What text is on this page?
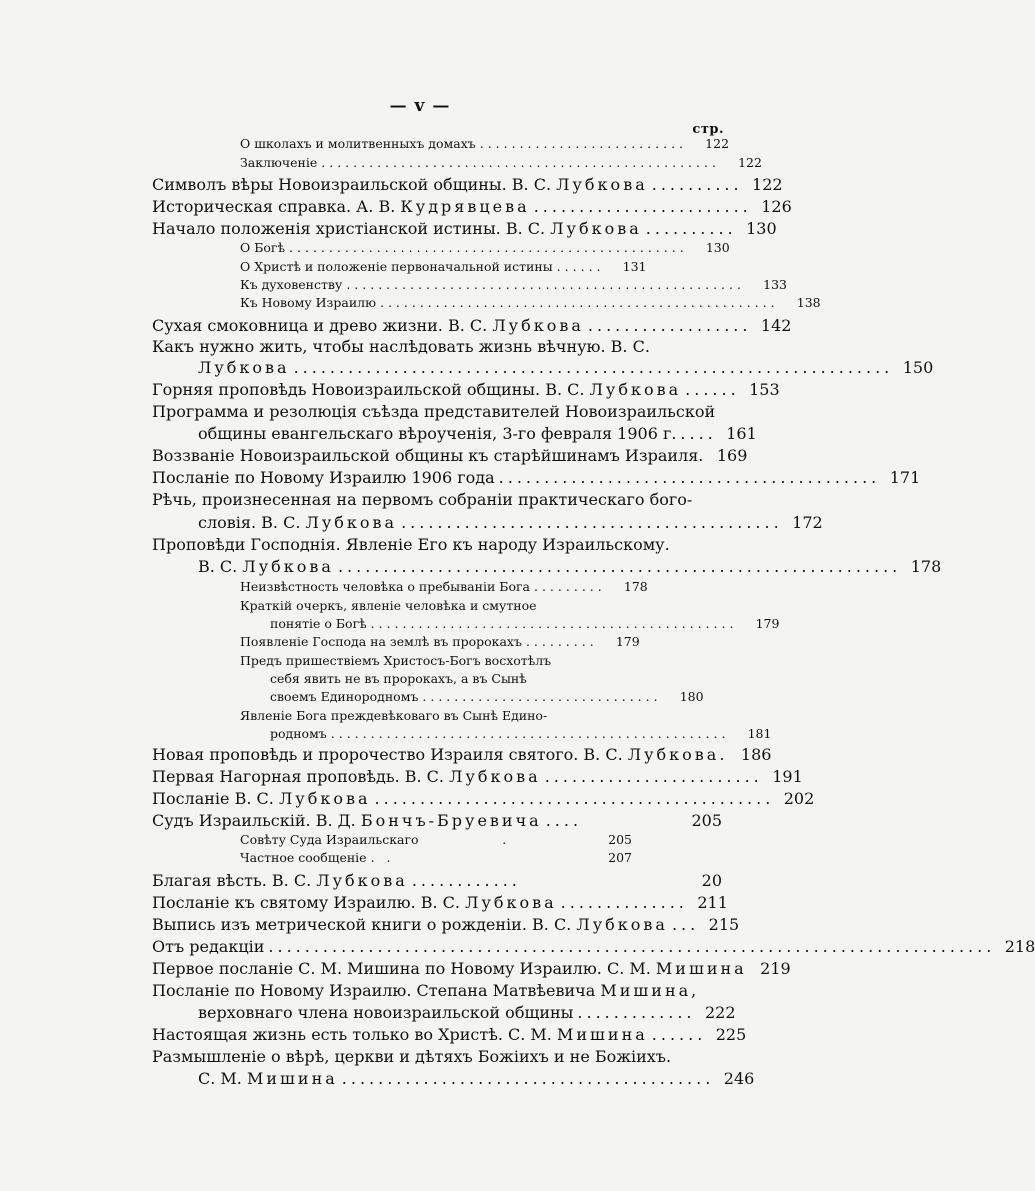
— v —
стр.
О школахъ и молитвенныхъ домахъ ..........................	122
Заключеніе ..................................................	122
Символъ вѣры Новоизраильской общины. В. С. Лубкова .......... 122
Историческая справка. А. В. Кудрявцева ........................ 126
Начало положенія христіанской истины. В. С. Лубкова .......... 130
О Богѣ ..................................................	130
О Христѣ и положеніе первоначальной истины ......	131
Къ духовенству ..................................................	133
Къ Новому Израилю ..................................................	138
Сухая смоковница и древо жизни. В. С. Лубкова .................. 142
Какъ нужно жить, чтобы наслѣдовать жизнь вѣчную. В. С.
Лубкова .................................................................. 150
Горняя проповѣдь Новоизраильской общины. В. С. Лубкова ...... 153
Программа и резолюція съѣзда представителей Новоизраильской
общины евангельскаго вѣроученія, 3-го февраля 1906 г. .... 161
Воззваніе Новоизраильской общины къ старѣйшинамъ Израиля. 169
Посланіе по Новому Израилю 1906 года .......................................... 171
Рѣчь, произнесенная на первомъ собраніи практическаго бого-
словія. В. С. Лубкова .......................................... 172
Проповѣди Господнія. Явленіе Его къ народу Израильскому.
В. С. Лубкова .............................................................. 178
Неизвѣстность человѣка о пребываніи Бога .........	178
Краткій очеркъ, явленіе человѣка и смутное
понятіе о Богѣ ..............................................	179
Появленіе Господа на землѣ въ пророкахъ .........	179
Предъ пришествіемъ Христосъ-Богъ восхотѣлъ
себя явить не въ пророкахъ, а въ Сынѣ
своемъ Единородномъ ..............................	180
Явленіе Бога преждевѣковаго въ Сынѣ Едино-
родномъ ..................................................	181
Новая проповѣдь и пророчество Израиля святого. В. С. Лубкова. 186
Первая Нагорная проповѣдь. В. С. Лубкова ........................ 191
Посланіе В. С. Лубкова ............................................ 202
Судъ Израильскій. В. Д. Бончъ-Бруевича ....	205
Совѣту Суда Израильскаго	.	205
Частное сообщеніе . .	207
Благая вѣсть. В. С. Лубкова ............	20
Посланіе къ святому Израилю. В. С. Лубкова .............. 211
Выпись изъ метрической книги о рожденіи. В. С. Лубкова ... 215
Отъ редакціи ................................................................................ 218
Первое посланіе С. М. Мишина по Новому Израилю. С. М. Мишина 219
Посланіе по Новому Израилю. Степана Матвѣевича Мишина,
верховнаго члена новоизраильской общины ............. 222
Настоящая жизнь есть только во Христѣ. С. М. Мишина ...... 225
Размышленіе о вѣрѣ, церкви и дѣтяхъ Божіихъ и не Божіихъ.
С. М. Мишина ......................................... 246
